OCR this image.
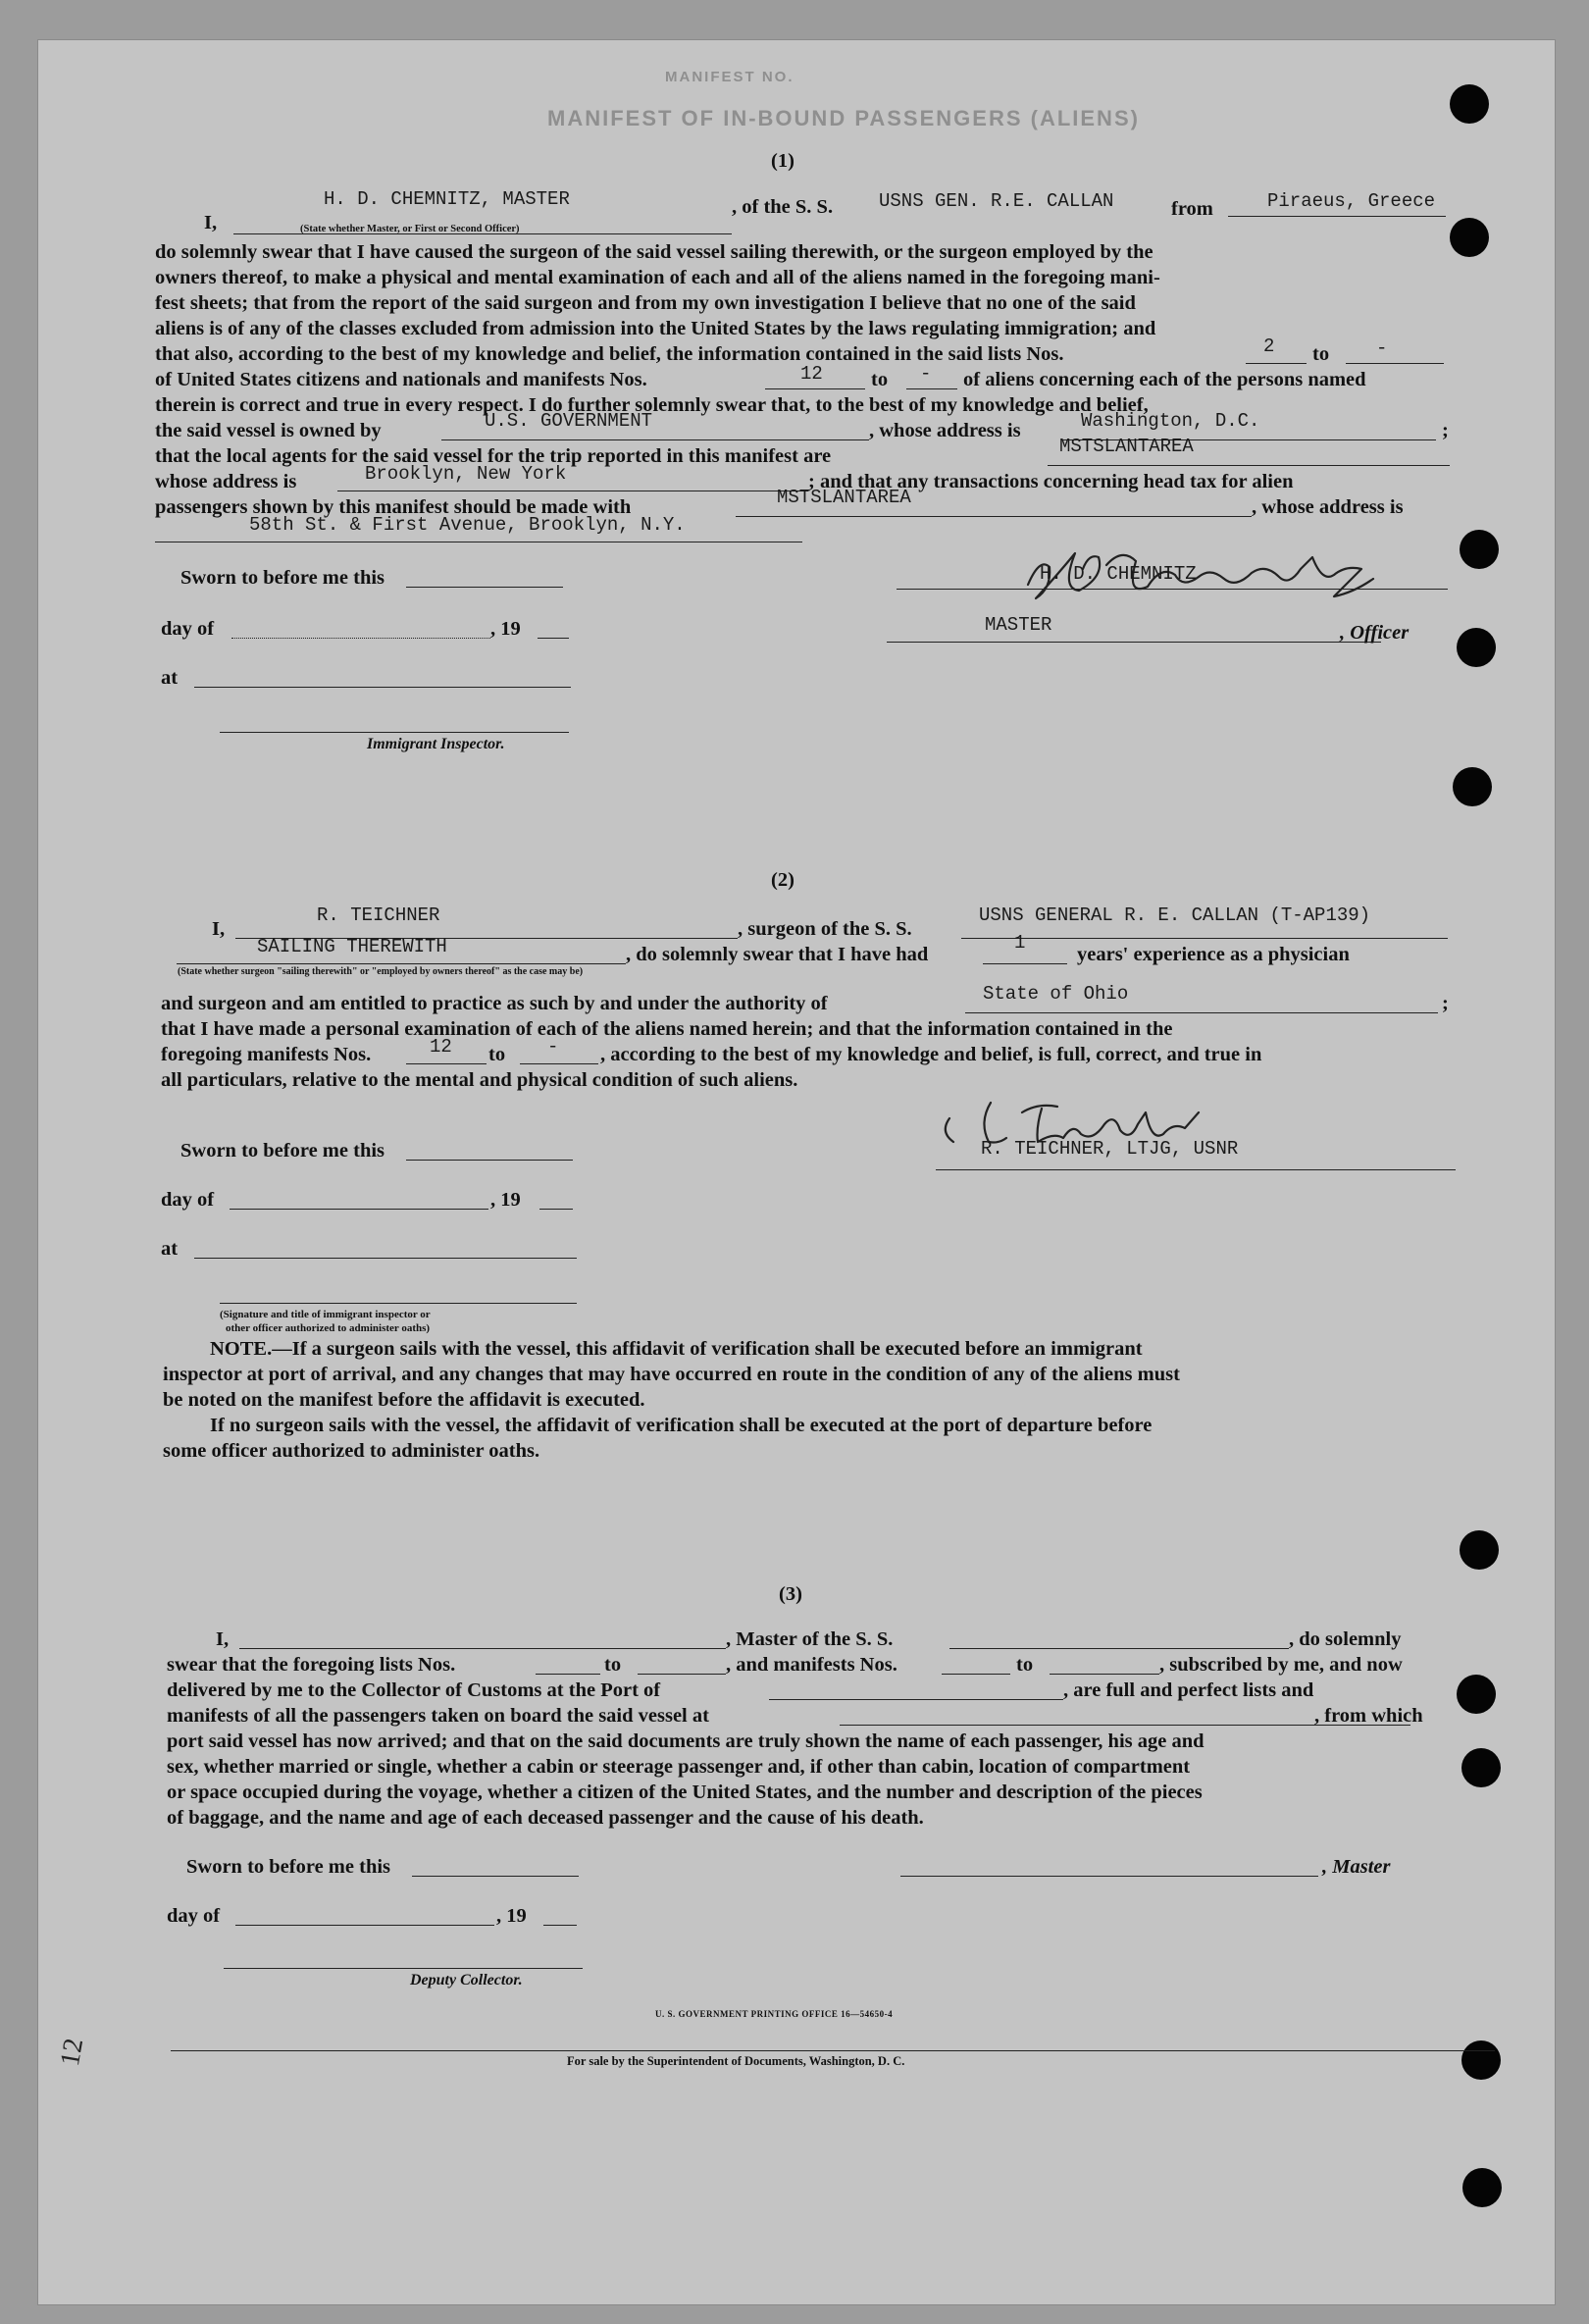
MANIFEST NO.
MANIFEST OF IN-BOUND PASSENGERS (ALIENS)
(1)
I,
H. D. CHEMNITZ, MASTER
(State whether Master, or First or Second Officer)
, of the S. S. USNS GEN. R.E. CALLAN	from	Piraeus, Greece
do solemnly swear that I have caused the surgeon of the said vessel sailing therewith, or the surgeon employed by the
owners thereof, to make a physical and mental examination of each and all of the aliens named in the foregoing mani-
fest sheets; that from the report of the said surgeon and from my own investigation I believe that no one of the said
aliens is of any of the classes excluded from admission into the United States by the laws regulating immigration; and
that also, according to the best of my knowledge and belief, the information contained in the said lists Nos.	2 to	-
of United States citizens and nationals and manifests Nos.	12 to - of aliens concerning each of the persons named
therein is correct and true in every respect. I do further solemnly swear that, to the best of my knowledge and belief,
the said vessel is owned by	U.S. GOVERNMENT	, whose address is	Washington, D.C.	;
that the local agents for the said vessel for the trip reported in this manifest are	MSTSLANTAREA
whose address is	Brooklyn, New York	; and that any transactions concerning head tax for alien
passengers shown by this manifest should be made with	MSTSLANTAREA	, whose address is
58th St. & First Avenue, Brooklyn, N.Y.
H. D. CHEMNITZ
Sworn to before me this
day of	, 19	MASTER	, Officer
at
Immigrant Inspector.
(2)
I,
R. TEICHNER
, surgeon of the S. S.
USNS GENERAL R. E. CALLAN (T-AP139)
SAILING THEREWITH	, do solemnly swear that I have had
1
years' experience as a physician
(State whether surgeon "sailing therewith" or "employed by owners thereof" as the case may be)
and surgeon and am entitled to practice as such by and under the authority of	State of Ohio	;
that I have made a personal examination of each of the aliens named herein; and that the information contained in the
foregoing manifests Nos.	12 to - , according to the best of my knowledge and belief, is full, correct, and true in
all particulars, relative to the mental and physical condition of such aliens.
R. TEICHNER, LTJG, USNR
Sworn to before me this
day of	, 19
at
(Signature and title of immigrant inspector or
other officer authorized to administer oaths)
NOTE.—If a surgeon sails with the vessel, this affidavit of verification shall be executed before an immigrant
inspector at port of arrival, and any changes that may have occurred en route in the condition of any of the aliens must
be noted on the manifest before the affidavit is executed.
If no surgeon sails with the vessel, the affidavit of verification shall be executed at the port of departure before
some officer authorized to administer oaths.
(3)
I,	, Master of the S. S.	, do solemnly
swear that the foregoing lists Nos.	to	, and manifests Nos.	to	, subscribed by me, and now
delivered by me to the Collector of Customs at the Port of	, are full and perfect lists and
manifests of all the passengers taken on board the said vessel at	, from which
port said vessel has now arrived; and that on the said documents are truly shown the name of each passenger, his age and
sex, whether married or single, whether a cabin or steerage passenger and, if other than cabin, location of compartment
or space occupied during the voyage, whether a citizen of the United States, and the number and description of the pieces
of baggage, and the name and age of each deceased passenger and the cause of his death.
Sworn to before me this	, Master
day of	, 19
Deputy Collector.
U. S. GOVERNMENT PRINTING OFFICE 16—54650-4
For sale by the Superintendent of Documents, Washington, D. C.
12
